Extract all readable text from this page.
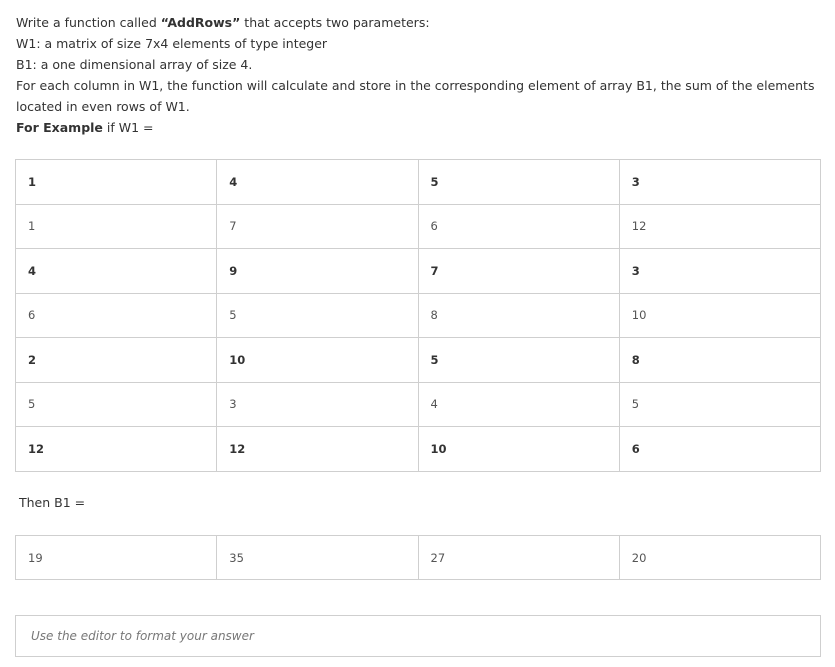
Write a function called “AddRows” that accepts two parameters:

W1: a matrix of size 7x4 elements of type integer

B1: a one dimensional array of size 4.

For each column in W1, the function will calculate and store in the corresponding element of array B1, the sum of the elements located in even rows of W1.

For Example if W1 =

1	4	5	3
1	7	6	12
4	9	7	3
6	5	8	10
2	10	5	8
5	3	4	5
12	12	10	6
Then B1 =
19	35	27	20
Use the editor to format your answer
